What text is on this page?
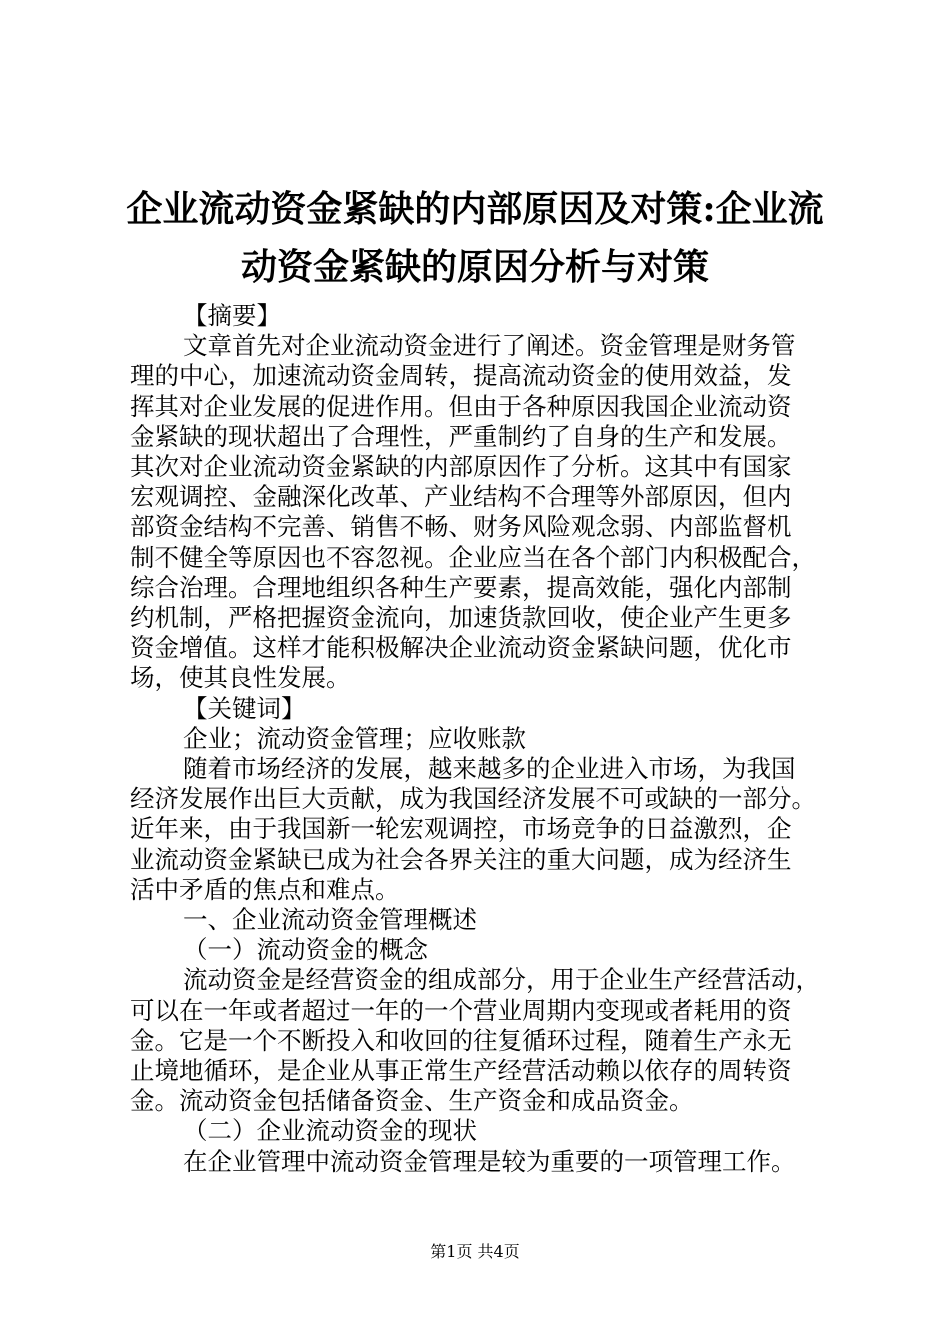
企业流动资金紧缺的内部原因及对策:企业流
动资金紧缺的原因分析与对策
【摘要】
文章首先对企业流动资金进行了阐述。资金管理是财务管
理的中心，加速流动资金周转，提高流动资金的使用效益，发
挥其对企业发展的促进作用。但由于各种原因我国企业流动资
金紧缺的现状超出了合理性，严重制约了自身的生产和发展。
其次对企业流动资金紧缺的内部原因作了分析。这其中有国家
宏观调控、金融深化改革、产业结构不合理等外部原因，但内
部资金结构不完善、销售不畅、财务风险观念弱、内部监督机
制不健全等原因也不容忽视。企业应当在各个部门内积极配合，
综合治理。合理地组织各种生产要素，提高效能，强化内部制
约机制，严格把握资金流向，加速货款回收，使企业产生更多
资金增值。这样才能积极解决企业流动资金紧缺问题，优化市
场，使其良性发展。
【关键词】
企业；流动资金管理；应收账款
随着市场经济的发展，越来越多的企业进入市场，为我国
经济发展作出巨大贡献，成为我国经济发展不可或缺的一部分。
近年来，由于我国新一轮宏观调控，市场竞争的日益激烈，企
业流动资金紧缺已成为社会各界关注的重大问题，成为经济生
活中矛盾的焦点和难点。
一、企业流动资金管理概述
（一）流动资金的概念
流动资金是经营资金的组成部分，用于企业生产经营活动，
可以在一年或者超过一年的一个营业周期内变现或者耗用的资
金。它是一个不断投入和收回的往复循环过程，随着生产永无
止境地循环，是企业从事正常生产经营活动赖以依存的周转资
金。流动资金包括储备资金、生产资金和成品资金。
（二）企业流动资金的现状
在企业管理中流动资金管理是较为重要的一项管理工作。
第1页 共4页
